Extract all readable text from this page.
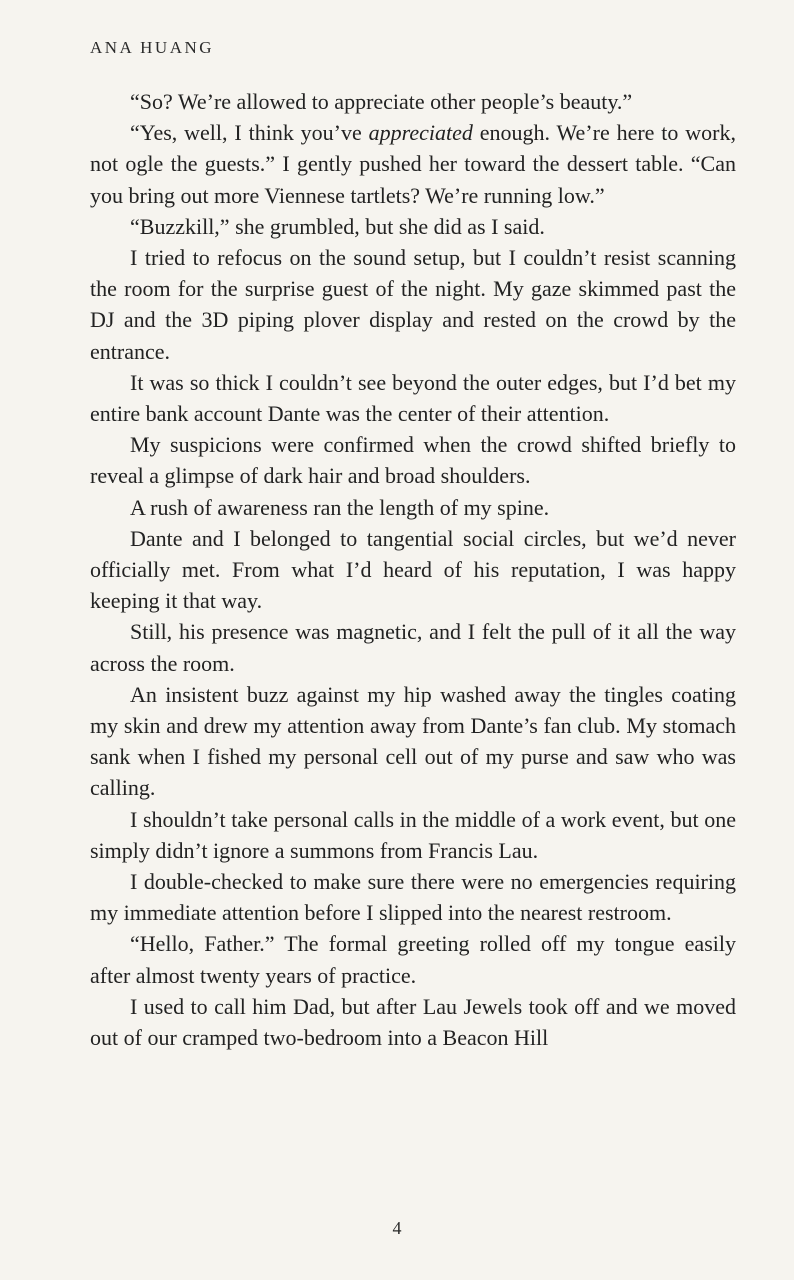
ANA HUANG

“So? We’re allowed to appreciate other people’s beauty.”

“Yes, well, I think you’ve appreciated enough. We’re here to work, not ogle the guests.” I gently pushed her toward the dessert table. “Can you bring out more Viennese tartlets? We’re running low.”

“Buzzkill,” she grumbled, but she did as I said.

I tried to refocus on the sound setup, but I couldn’t resist scanning the room for the surprise guest of the night. My gaze skimmed past the DJ and the 3D piping plover display and rested on the crowd by the entrance.

It was so thick I couldn’t see beyond the outer edges, but I’d bet my entire bank account Dante was the center of their attention.

My suspicions were confirmed when the crowd shifted briefly to reveal a glimpse of dark hair and broad shoulders.

A rush of awareness ran the length of my spine.

Dante and I belonged to tangential social circles, but we’d never officially met. From what I’d heard of his reputation, I was happy keeping it that way.

Still, his presence was magnetic, and I felt the pull of it all the way across the room.

An insistent buzz against my hip washed away the tingles coating my skin and drew my attention away from Dante’s fan club. My stomach sank when I fished my personal cell out of my purse and saw who was calling.

I shouldn’t take personal calls in the middle of a work event, but one simply didn’t ignore a summons from Francis Lau.

I double-checked to make sure there were no emergencies requiring my immediate attention before I slipped into the nearest restroom.

“Hello, Father.” The formal greeting rolled off my tongue easily after almost twenty years of practice.

I used to call him Dad, but after Lau Jewels took off and we moved out of our cramped two-bedroom into a Beacon Hill

4
